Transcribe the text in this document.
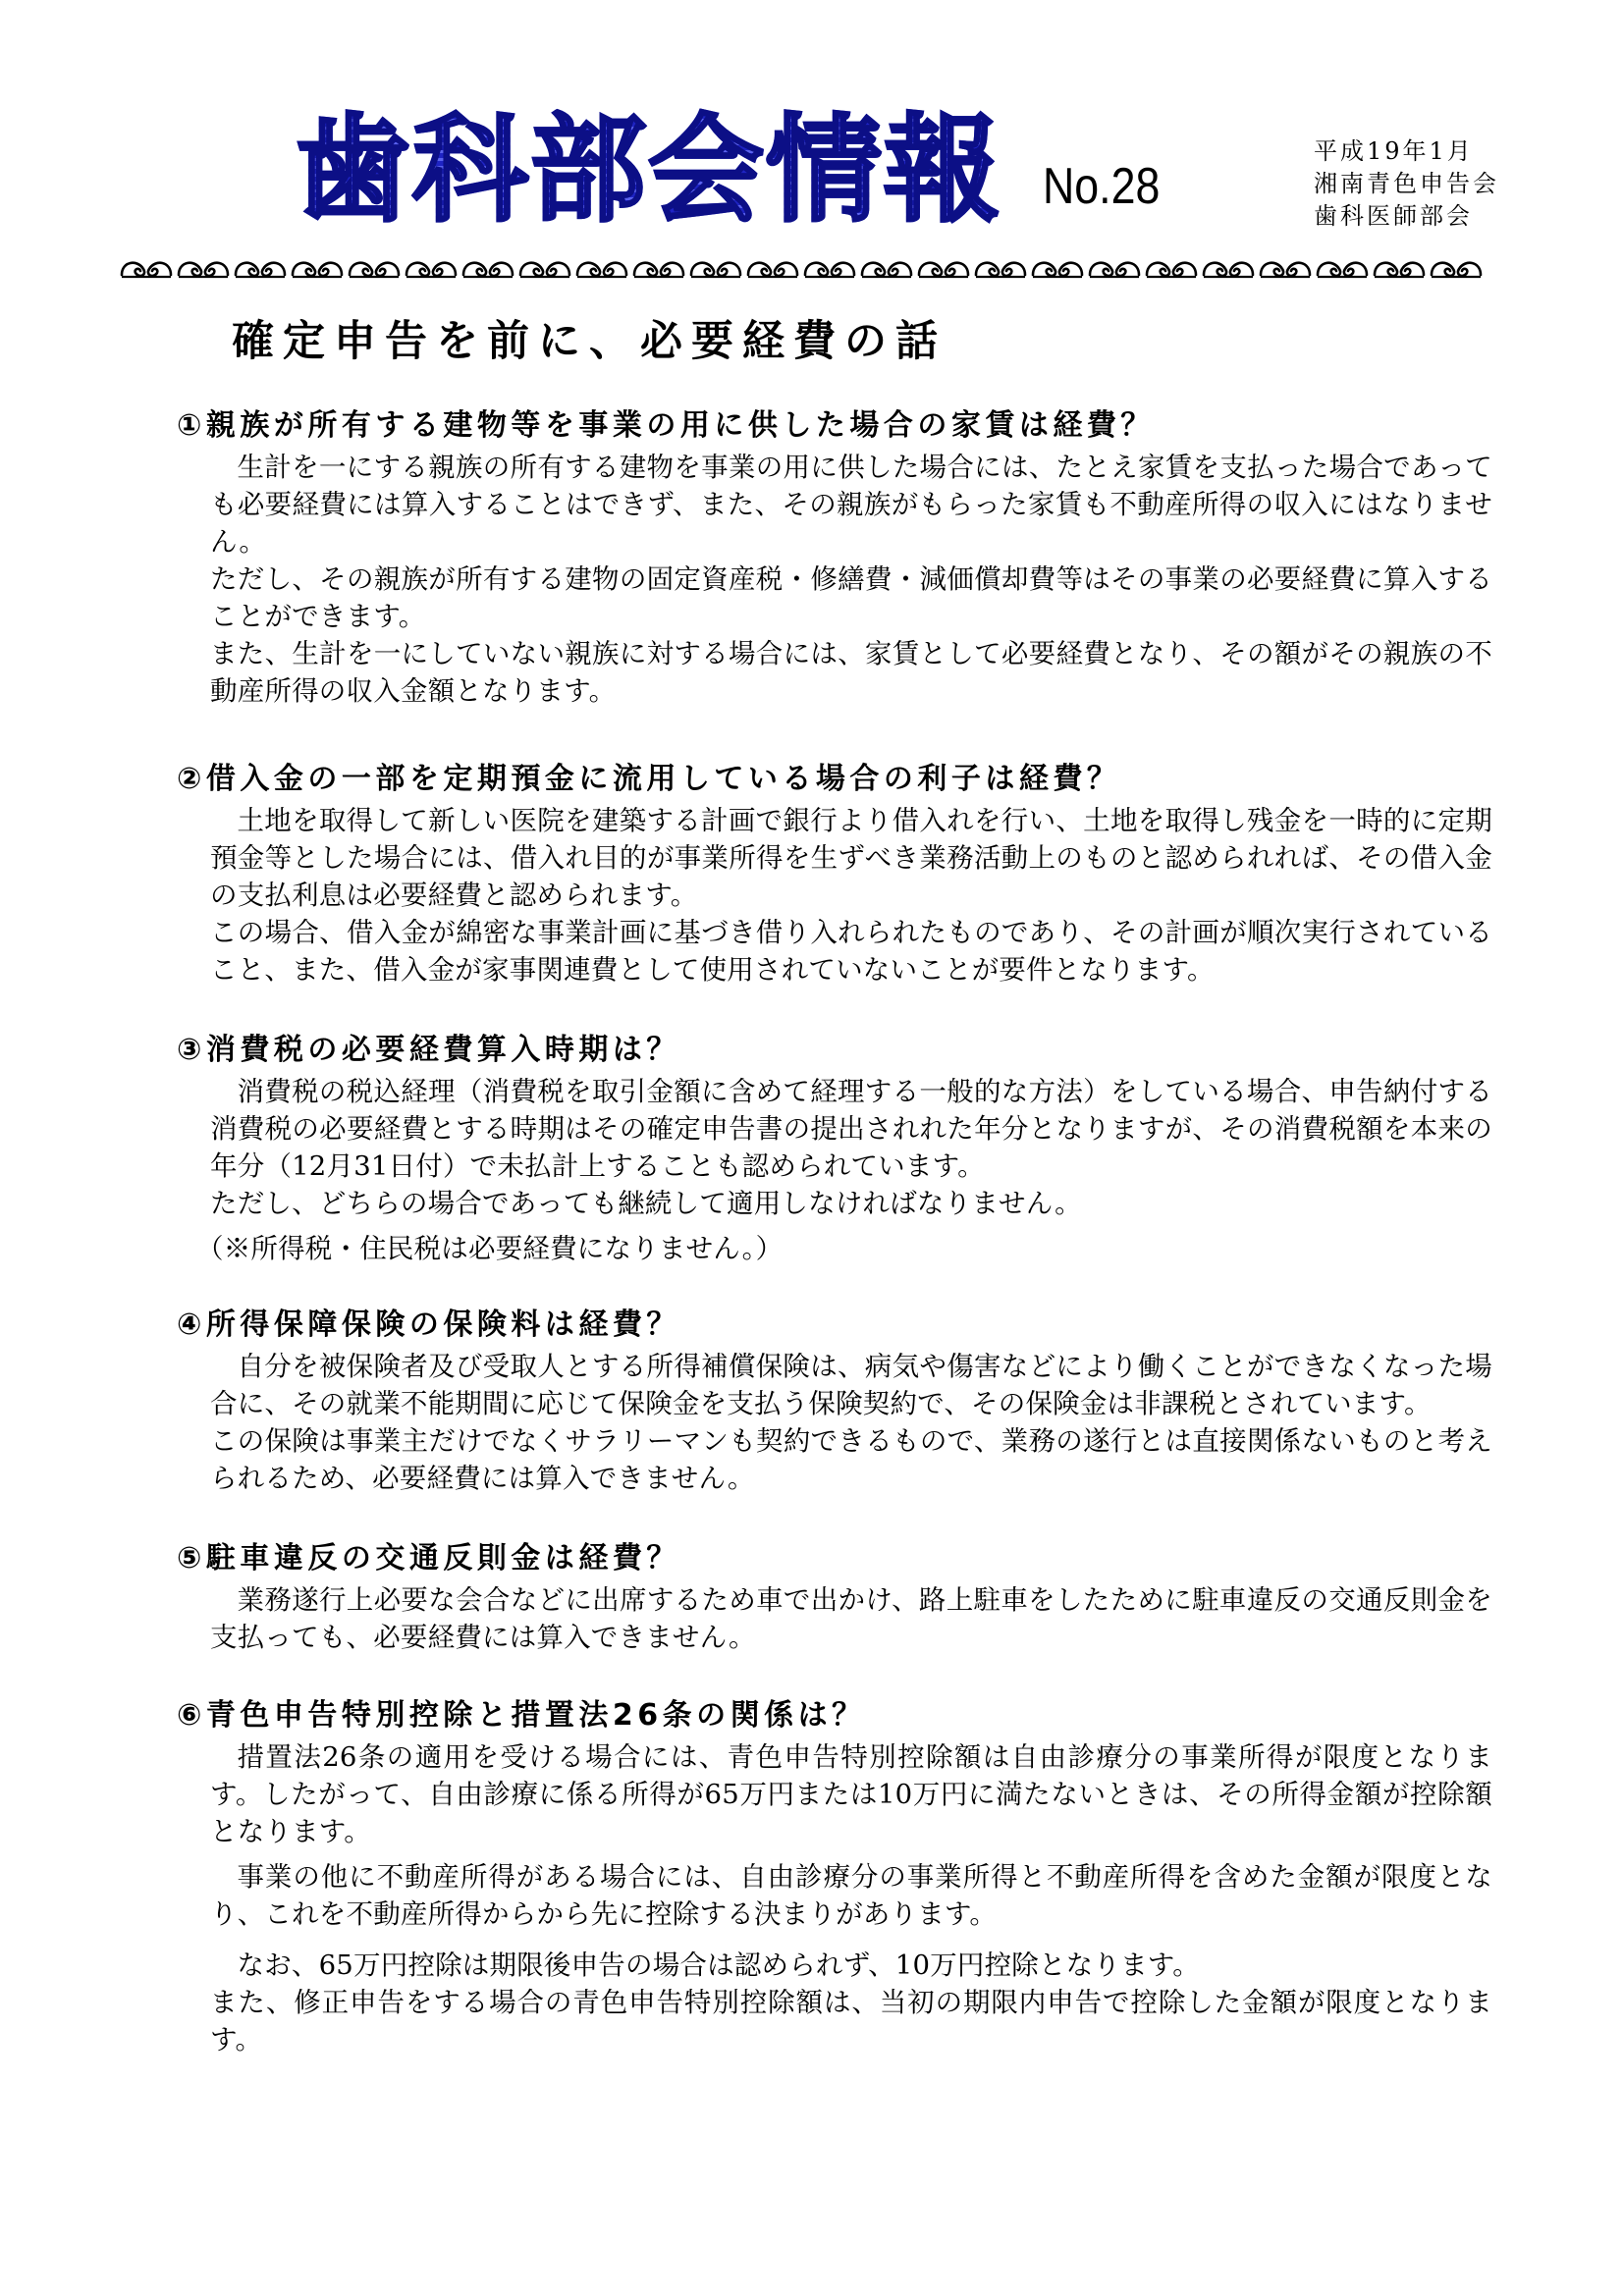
歯科部会情報 No.28
平成19年1月
湘南青色申告会
歯科医師部会
確定申告を前に、必要経費の話
①親族が所有する建物等を事業の用に供した場合の家賃は経費？

生計を一にする親族の所有する建物を事業の用に供した場合には、たとえ家賃を支払った場合であっても必要経費には算入することはできず、また、その親族がもらった家賃も不動産所得の収入にはなりません。

ただし、その親族が所有する建物の固定資産税・修繕費・減価償却費等はその事業の必要経費に算入することができます。

また、生計を一にしていない親族に対する場合には、家賃として必要経費となり、その額がその親族の不動産所得の収入金額となります。

②借入金の一部を定期預金に流用している場合の利子は経費？

土地を取得して新しい医院を建築する計画で銀行より借入れを行い、土地を取得し残金を一時的に定期預金等とした場合には、借入れ目的が事業所得を生ずべき業務活動上のものと認められれば、その借入金の支払利息は必要経費と認められます。

この場合、借入金が綿密な事業計画に基づき借り入れられたものであり、その計画が順次実行されていること、また、借入金が家事関連費として使用されていないことが要件となります。

③消費税の必要経費算入時期は？

消費税の税込経理（消費税を取引金額に含めて経理する一般的な方法）をしている場合、申告納付する消費税の必要経費とする時期はその確定申告書の提出されれた年分となりますが、その消費税額を本来の年分（12月31日付）で未払計上することも認められています。

ただし、どちらの場合であっても継続して適用しなければなりません。

（※所得税・住民税は必要経費になりません。）

④所得保障保険の保険料は経費？

自分を被保険者及び受取人とする所得補償保険は、病気や傷害などにより働くことができなくなった場合に、その就業不能期間に応じて保険金を支払う保険契約で、その保険金は非課税とされています。

この保険は事業主だけでなくサラリーマンも契約できるもので、業務の遂行とは直接関係ないものと考えられるため、必要経費には算入できません。

⑤駐車違反の交通反則金は経費？

業務遂行上必要な会合などに出席するため車で出かけ、路上駐車をしたために駐車違反の交通反則金を支払っても、必要経費には算入できません。

⑥青色申告特別控除と措置法26条の関係は？

措置法26条の適用を受ける場合には、青色申告特別控除額は自由診療分の事業所得が限度となります。したがって、自由診療に係る所得が65万円または10万円に満たないときは、その所得金額が控除額となります。

事業の他に不動産所得がある場合には、自由診療分の事業所得と不動産所得を含めた金額が限度となり、これを不動産所得からから先に控除する決まりがあります。

なお、65万円控除は期限後申告の場合は認められず、10万円控除となります。

また、修正申告をする場合の青色申告特別控除額は、当初の期限内申告で控除した金額が限度となります。
